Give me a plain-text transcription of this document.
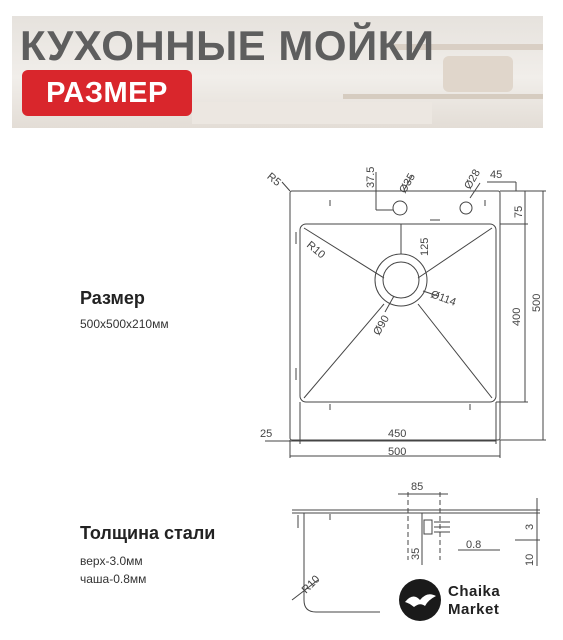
КУХОННЫЕ МОЙКИ
РАЗМЕР
Размер
500x500x210мм
Толщина стали
верх-3.0мм
чаша-0.8мм
R5	37.5 Ø35	Ø28 45
75
R10	125
Ø114
Ø90	400
500
25	450
500
85
35
0.8
3
10
R10	Chaika
Market
